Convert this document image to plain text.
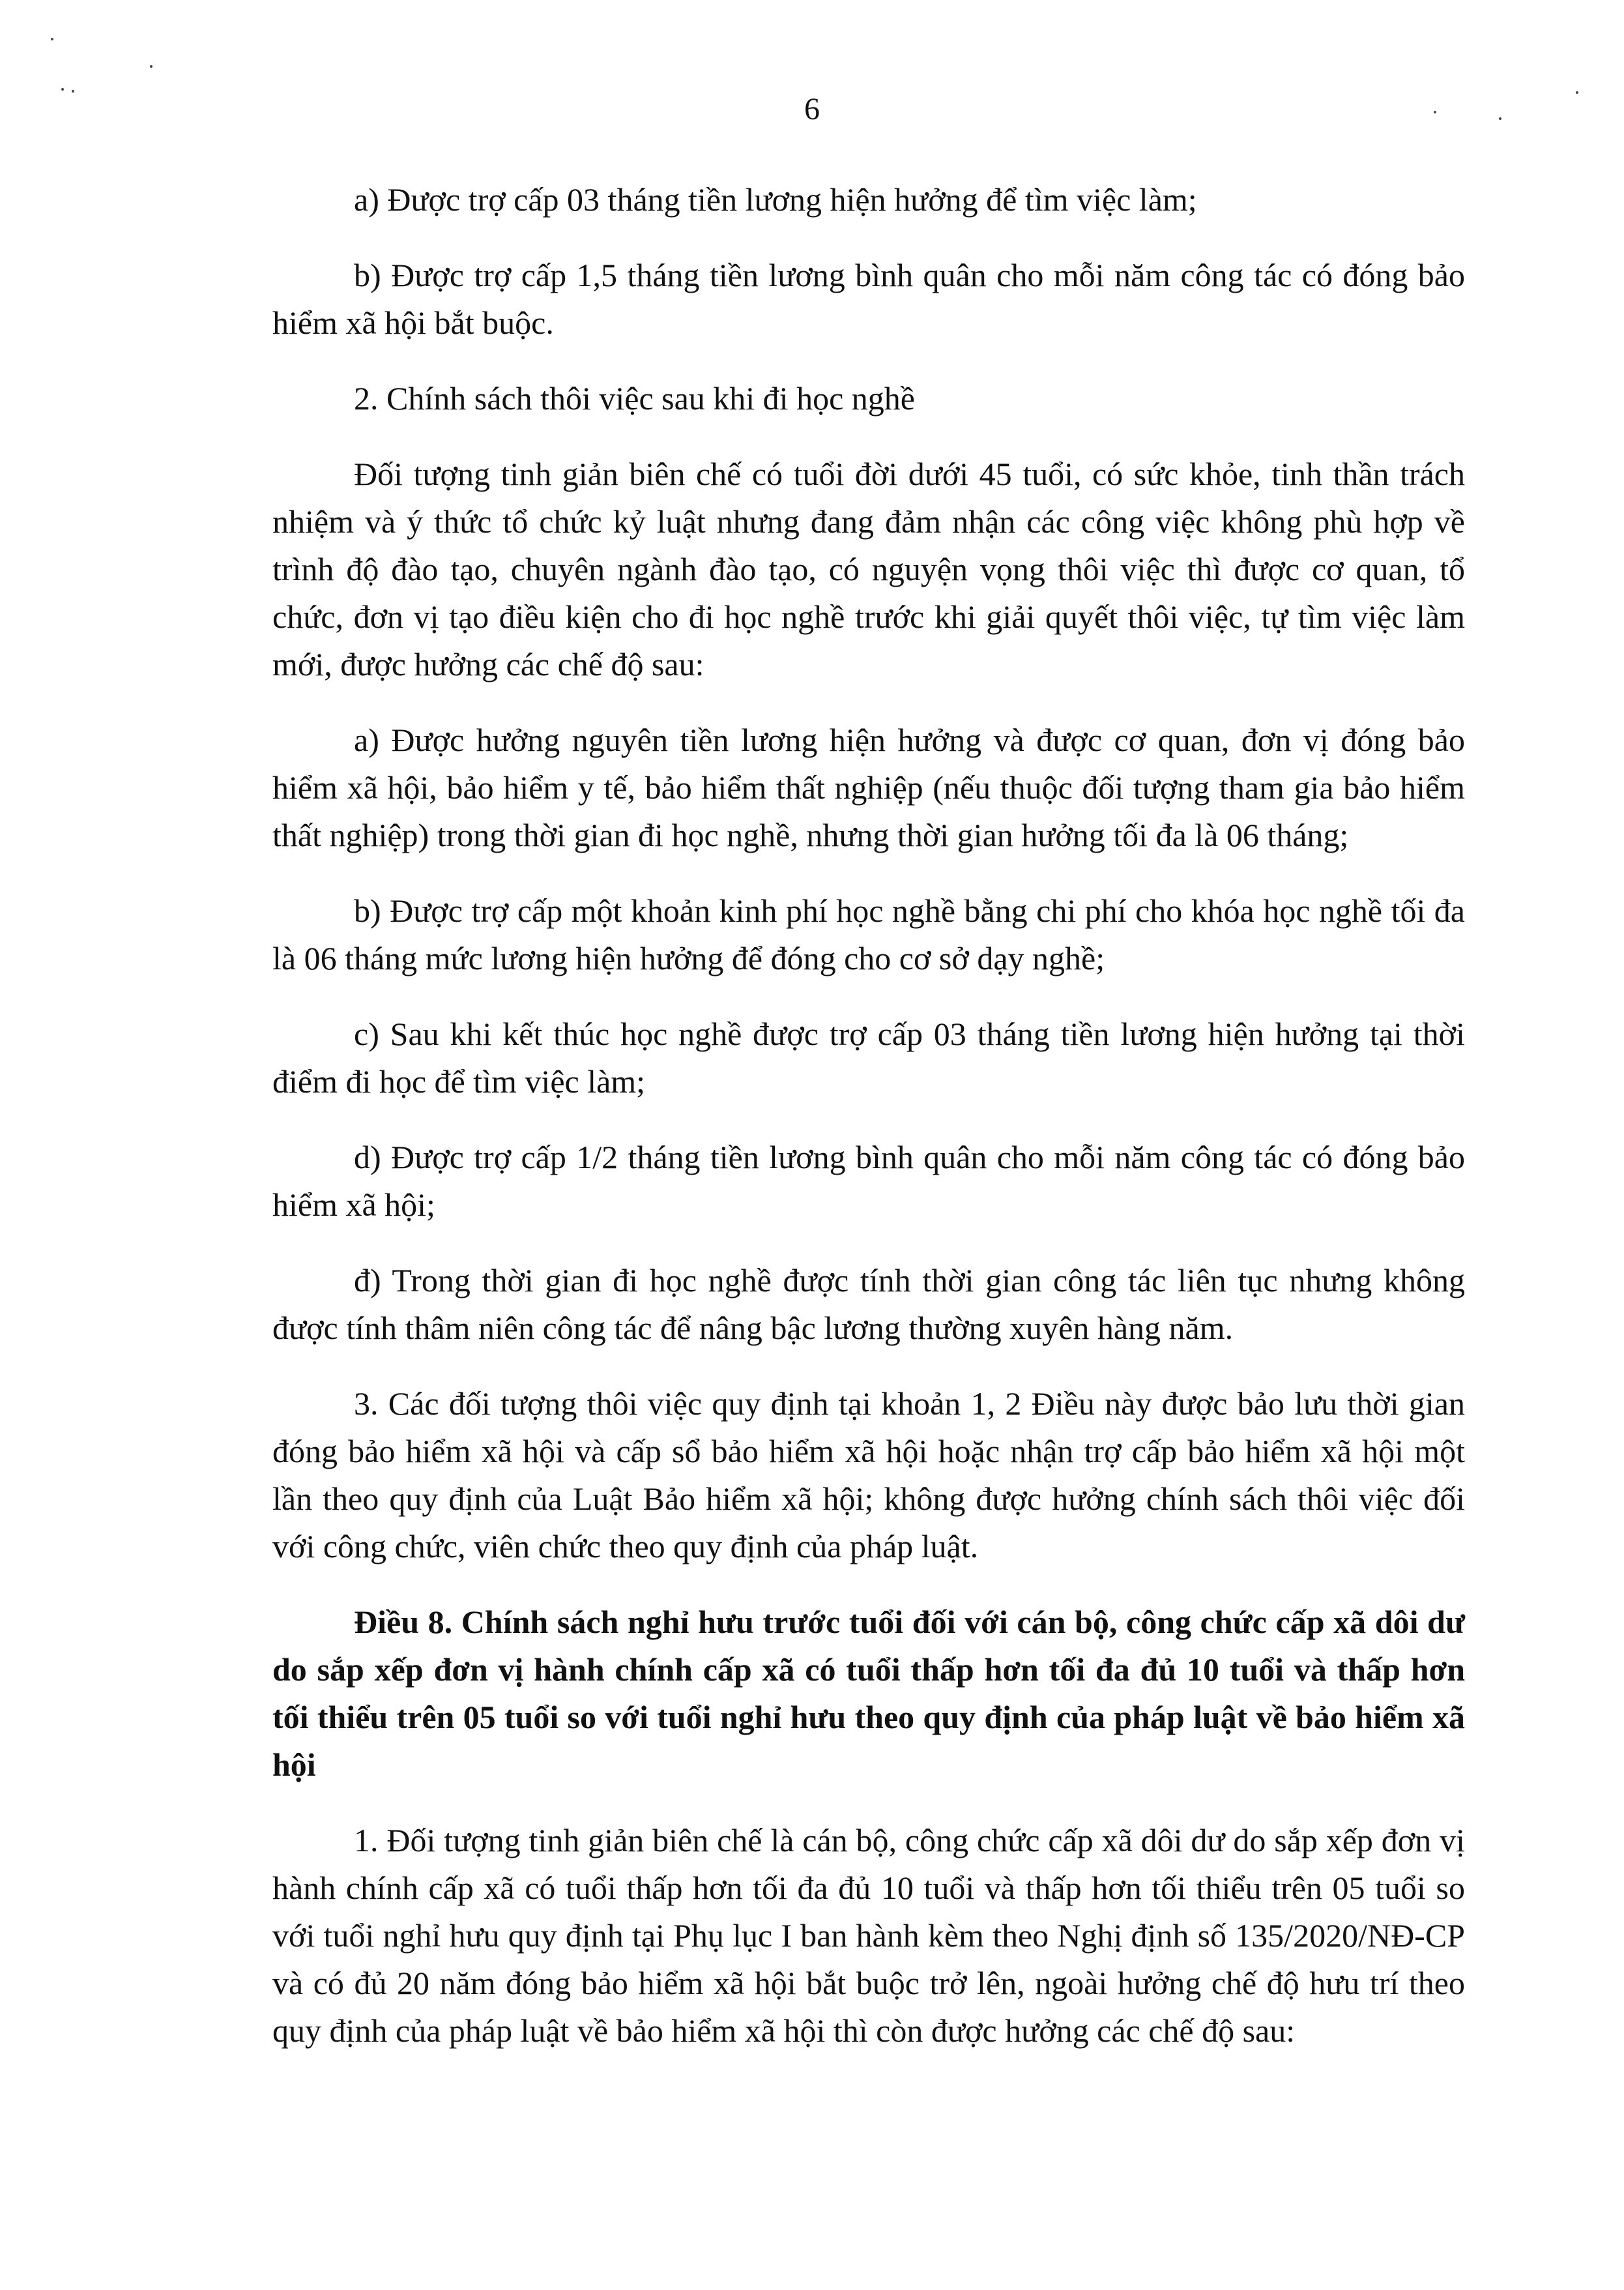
6

a) Được trợ cấp 03 tháng tiền lương hiện hưởng để tìm việc làm;

b) Được trợ cấp 1,5 tháng tiền lương bình quân cho mỗi năm công tác có đóng bảo hiểm xã hội bắt buộc.

2. Chính sách thôi việc sau khi đi học nghề

Đối tượng tinh giản biên chế có tuổi đời dưới 45 tuổi, có sức khỏe, tinh thần trách nhiệm và ý thức tổ chức kỷ luật nhưng đang đảm nhận các công việc không phù hợp về trình độ đào tạo, chuyên ngành đào tạo, có nguyện vọng thôi việc thì được cơ quan, tổ chức, đơn vị tạo điều kiện cho đi học nghề trước khi giải quyết thôi việc, tự tìm việc làm mới, được hưởng các chế độ sau:

a) Được hưởng nguyên tiền lương hiện hưởng và được cơ quan, đơn vị đóng bảo hiểm xã hội, bảo hiểm y tế, bảo hiểm thất nghiệp (nếu thuộc đối tượng tham gia bảo hiểm thất nghiệp) trong thời gian đi học nghề, nhưng thời gian hưởng tối đa là 06 tháng;

b) Được trợ cấp một khoản kinh phí học nghề bằng chi phí cho khóa học nghề tối đa là 06 tháng mức lương hiện hưởng để đóng cho cơ sở dạy nghề;

c) Sau khi kết thúc học nghề được trợ cấp 03 tháng tiền lương hiện hưởng tại thời điểm đi học để tìm việc làm;

d) Được trợ cấp 1/2 tháng tiền lương bình quân cho mỗi năm công tác có đóng bảo hiểm xã hội;

đ) Trong thời gian đi học nghề được tính thời gian công tác liên tục nhưng không được tính thâm niên công tác để nâng bậc lương thường xuyên hàng năm.

3. Các đối tượng thôi việc quy định tại khoản 1, 2 Điều này được bảo lưu thời gian đóng bảo hiểm xã hội và cấp sổ bảo hiểm xã hội hoặc nhận trợ cấp bảo hiểm xã hội một lần theo quy định của Luật Bảo hiểm xã hội; không được hưởng chính sách thôi việc đối với công chức, viên chức theo quy định của pháp luật.

Điều 8. Chính sách nghỉ hưu trước tuổi đối với cán bộ, công chức cấp xã dôi dư do sắp xếp đơn vị hành chính cấp xã có tuổi thấp hơn tối đa đủ 10 tuổi và thấp hơn tối thiểu trên 05 tuổi so với tuổi nghỉ hưu theo quy định của pháp luật về bảo hiểm xã hội

1. Đối tượng tinh giản biên chế là cán bộ, công chức cấp xã dôi dư do sắp xếp đơn vị hành chính cấp xã có tuổi thấp hơn tối đa đủ 10 tuổi và thấp hơn tối thiểu trên 05 tuổi so với tuổi nghỉ hưu quy định tại Phụ lục I ban hành kèm theo Nghị định số 135/2020/NĐ-CP và có đủ 20 năm đóng bảo hiểm xã hội bắt buộc trở lên, ngoài hưởng chế độ hưu trí theo quy định của pháp luật về bảo hiểm xã hội thì còn được hưởng các chế độ sau:
